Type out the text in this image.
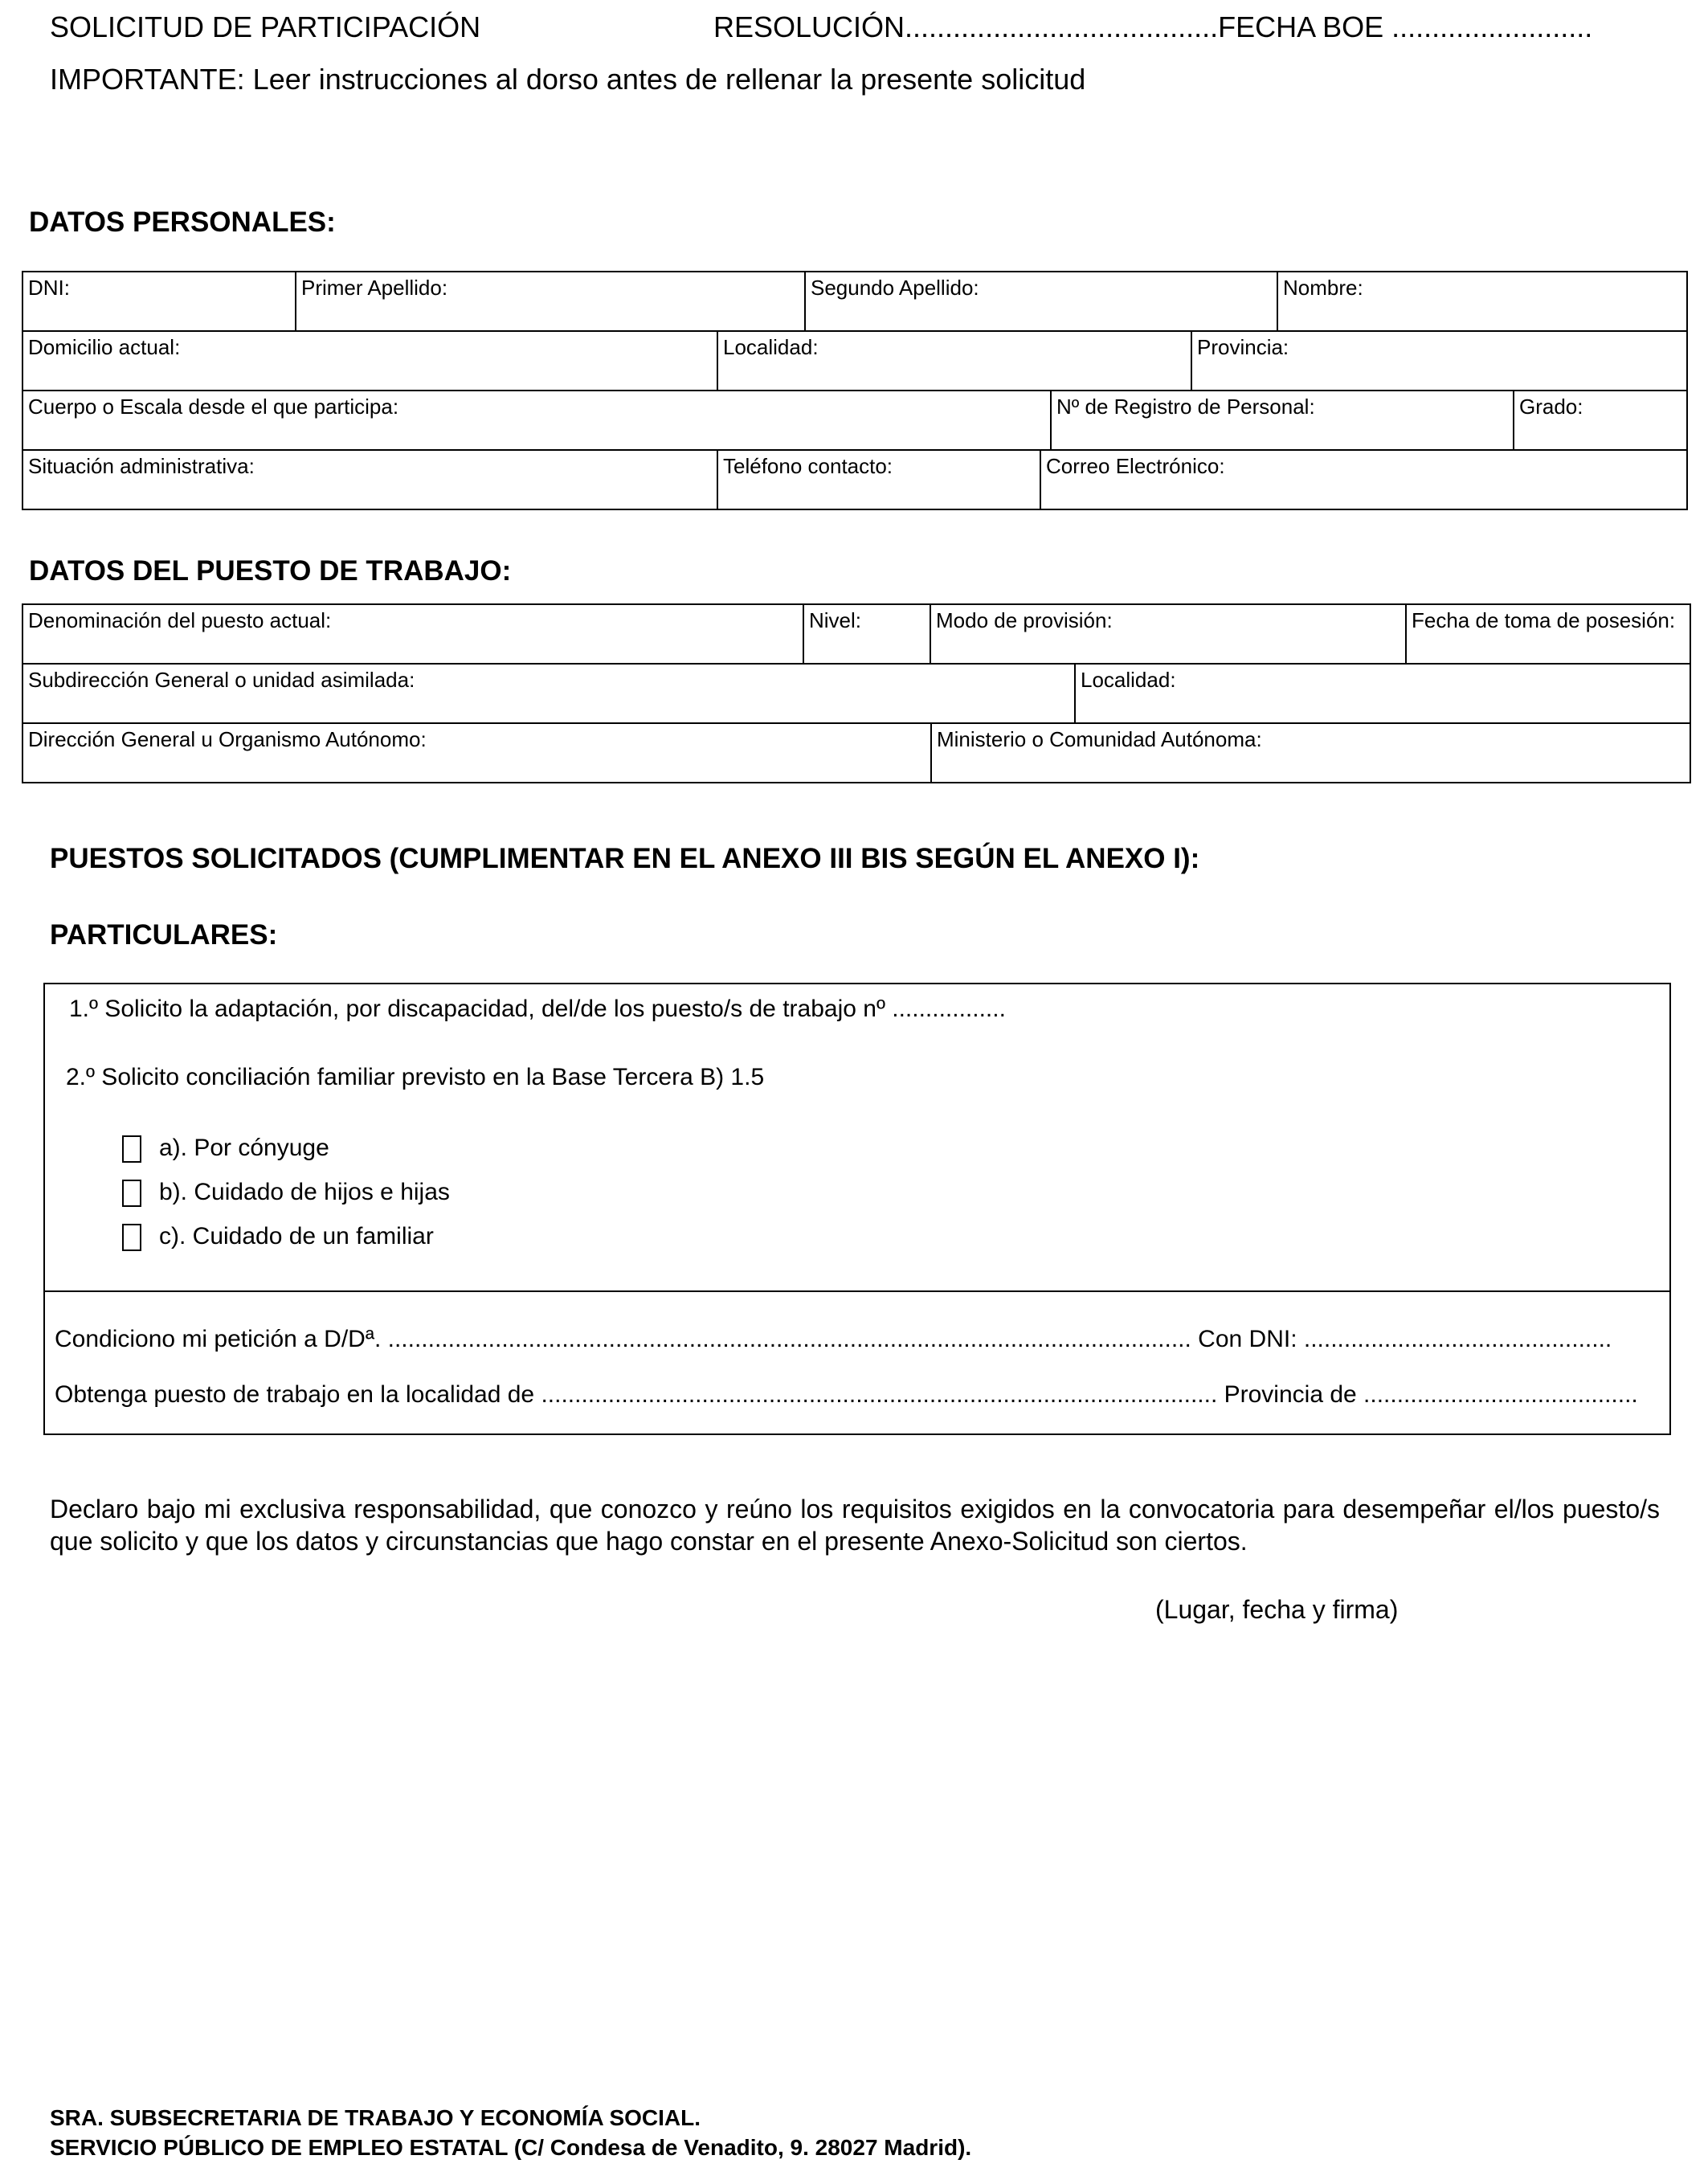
SOLICITUD DE PARTICIPACIÓN	RESOLUCIÓN.......................................FECHA BOE .........................
IMPORTANTE: Leer instrucciones al dorso antes de rellenar la presente solicitud
DATOS PERSONALES:
DNI:	Primer Apellido:	Segundo Apellido:	Nombre:
Domicilio actual:	Localidad:	Provincia:
Cuerpo o Escala desde el que participa:	Nº de Registro de Personal:	Grado:
Situación administrativa:	Teléfono contacto:	Correo Electrónico:
DATOS DEL PUESTO DE TRABAJO:
Denominación del puesto actual:	Nivel:	Modo de provisión:	Fecha de toma de posesión:
Subdirección General o unidad asimilada:	Localidad:
Dirección General u Organismo Autónomo:	Ministerio o Comunidad Autónoma:
PUESTOS SOLICITADOS (CUMPLIMENTAR EN EL ANEXO III BIS SEGÚN EL ANEXO I):
PARTICULARES:
1.º Solicito la adaptación, por discapacidad, del/de los puesto/s de trabajo nº .................
2.º Solicito conciliación familiar previsto en la Base Tercera B) 1.5
a). Por cónyuge
b). Cuidado de hijos e hijas
c). Cuidado de un familiar
Condiciono mi petición a D/Dª. ........................................................................................................................ Con DNI: ..............................................
Obtenga puesto de trabajo en la localidad de ..................................................................................................... Provincia de .........................................
Declaro bajo mi exclusiva responsabilidad, que conozco y reúno los requisitos exigidos en la convocatoria para desempeñar el/los puesto/s que solicito y que los datos y circunstancias que hago constar en el presente Anexo-Solicitud son ciertos.
(Lugar, fecha y firma)
SRA. SUBSECRETARIA DE TRABAJO Y ECONOMÍA SOCIAL.
SERVICIO PÚBLICO DE EMPLEO ESTATAL (C/ Condesa de Venadito, 9. 28027 Madrid).
